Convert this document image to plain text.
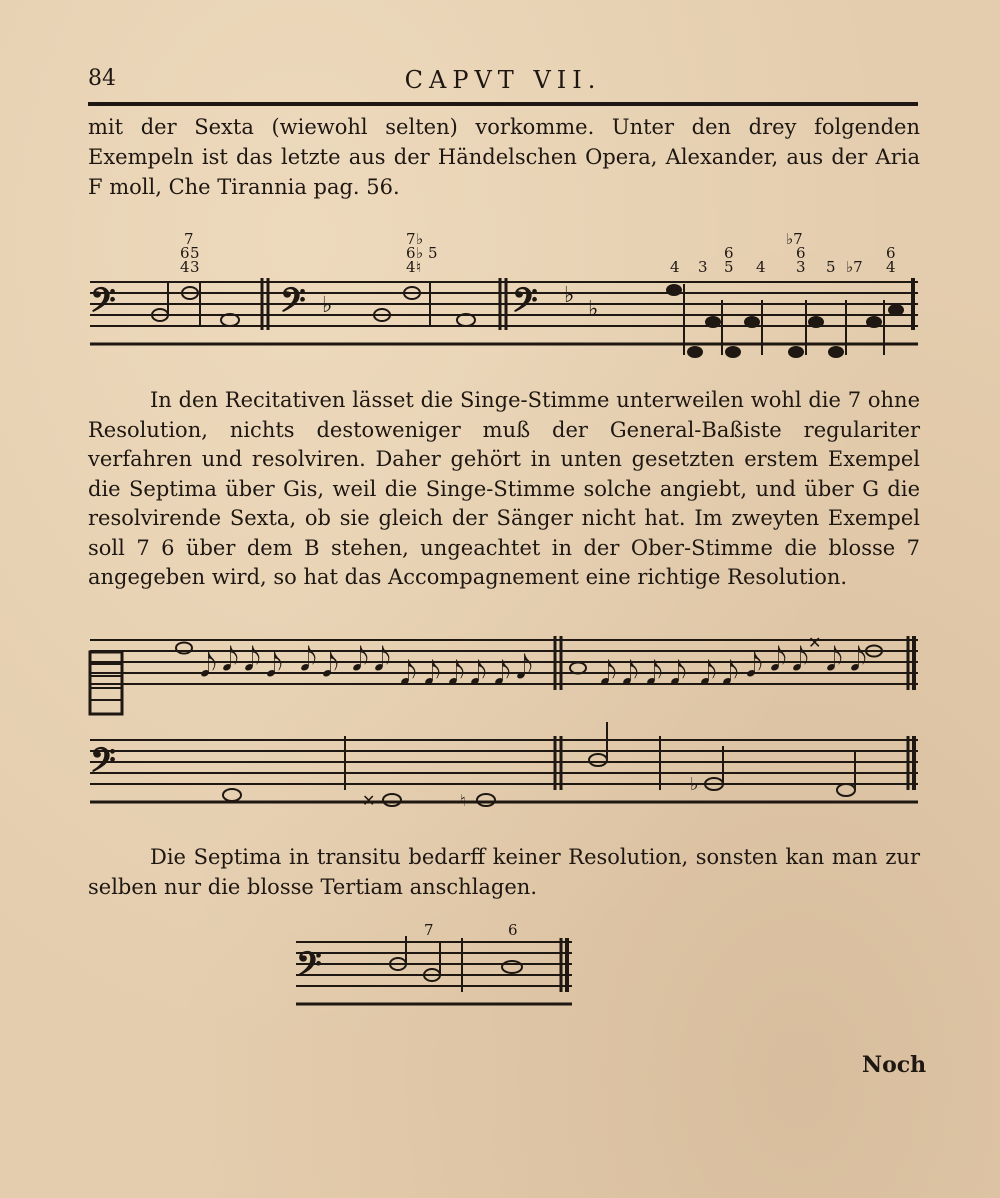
84	CAPVT VII.

mit der Sexta (wiewohl selten) vorkomme. Unter den drey folgenden Exempeln ist das letzte aus der Händelschen Opera, Alexander, aus der Aria F moll, Che Tirannia pag. 56.

𝄢	𝄢	𝄢
♭	♭
♭
7
6 5
4 3
7 ♭
6 ♭ 5
4 ♮	4 3
6
5 4
♭7
6
3 5 ♭7
6
4

In den Recitativen lässet die Singe-Stimme unterweilen wohl die 7 ohne Resolution, nichts destoweniger muß der General-Baßiste regulariter verfahren und resolviren. Daher gehört in unten gesetzten erstem Exempel die Septima über Gis, weil die Singe-Stimme solche angiebt, und über G die resolvirende Sexta, ob sie gleich der Sänger nicht hat. Im zweyten Exempel soll 7 6 über dem B stehen, ungeachtet in der Ober-Stimme die blosse 7 angegeben wird, so hat das Accompagnement eine richtige Resolution.

𝄢
✕	♮
♭
✕
𝅘𝅥𝅮 𝅘𝅥𝅮 𝅘𝅥𝅮 𝅘𝅥𝅮 𝅘𝅥𝅮 𝅘𝅥𝅮 𝅘𝅥𝅮 𝅘𝅥𝅮 𝅘𝅥𝅮 𝅘𝅥𝅮 𝅘𝅥𝅮 𝅘𝅥𝅮 𝅘𝅥𝅮 𝅘𝅥𝅮 𝅘𝅥𝅮 𝅘𝅥𝅮 𝅘𝅥𝅮 𝅘𝅥𝅮 𝅘𝅥𝅮 𝅘𝅥𝅮 𝅘𝅥𝅮 𝅘𝅥𝅮 𝅘𝅥𝅮 𝅘𝅥𝅮 𝅘𝅥𝅮

Die Septima in transitu bedarff keiner Resolution, sonsten kan man zur selben nur die blosse Tertiam anschlagen.

𝄢
7	6
Noch
